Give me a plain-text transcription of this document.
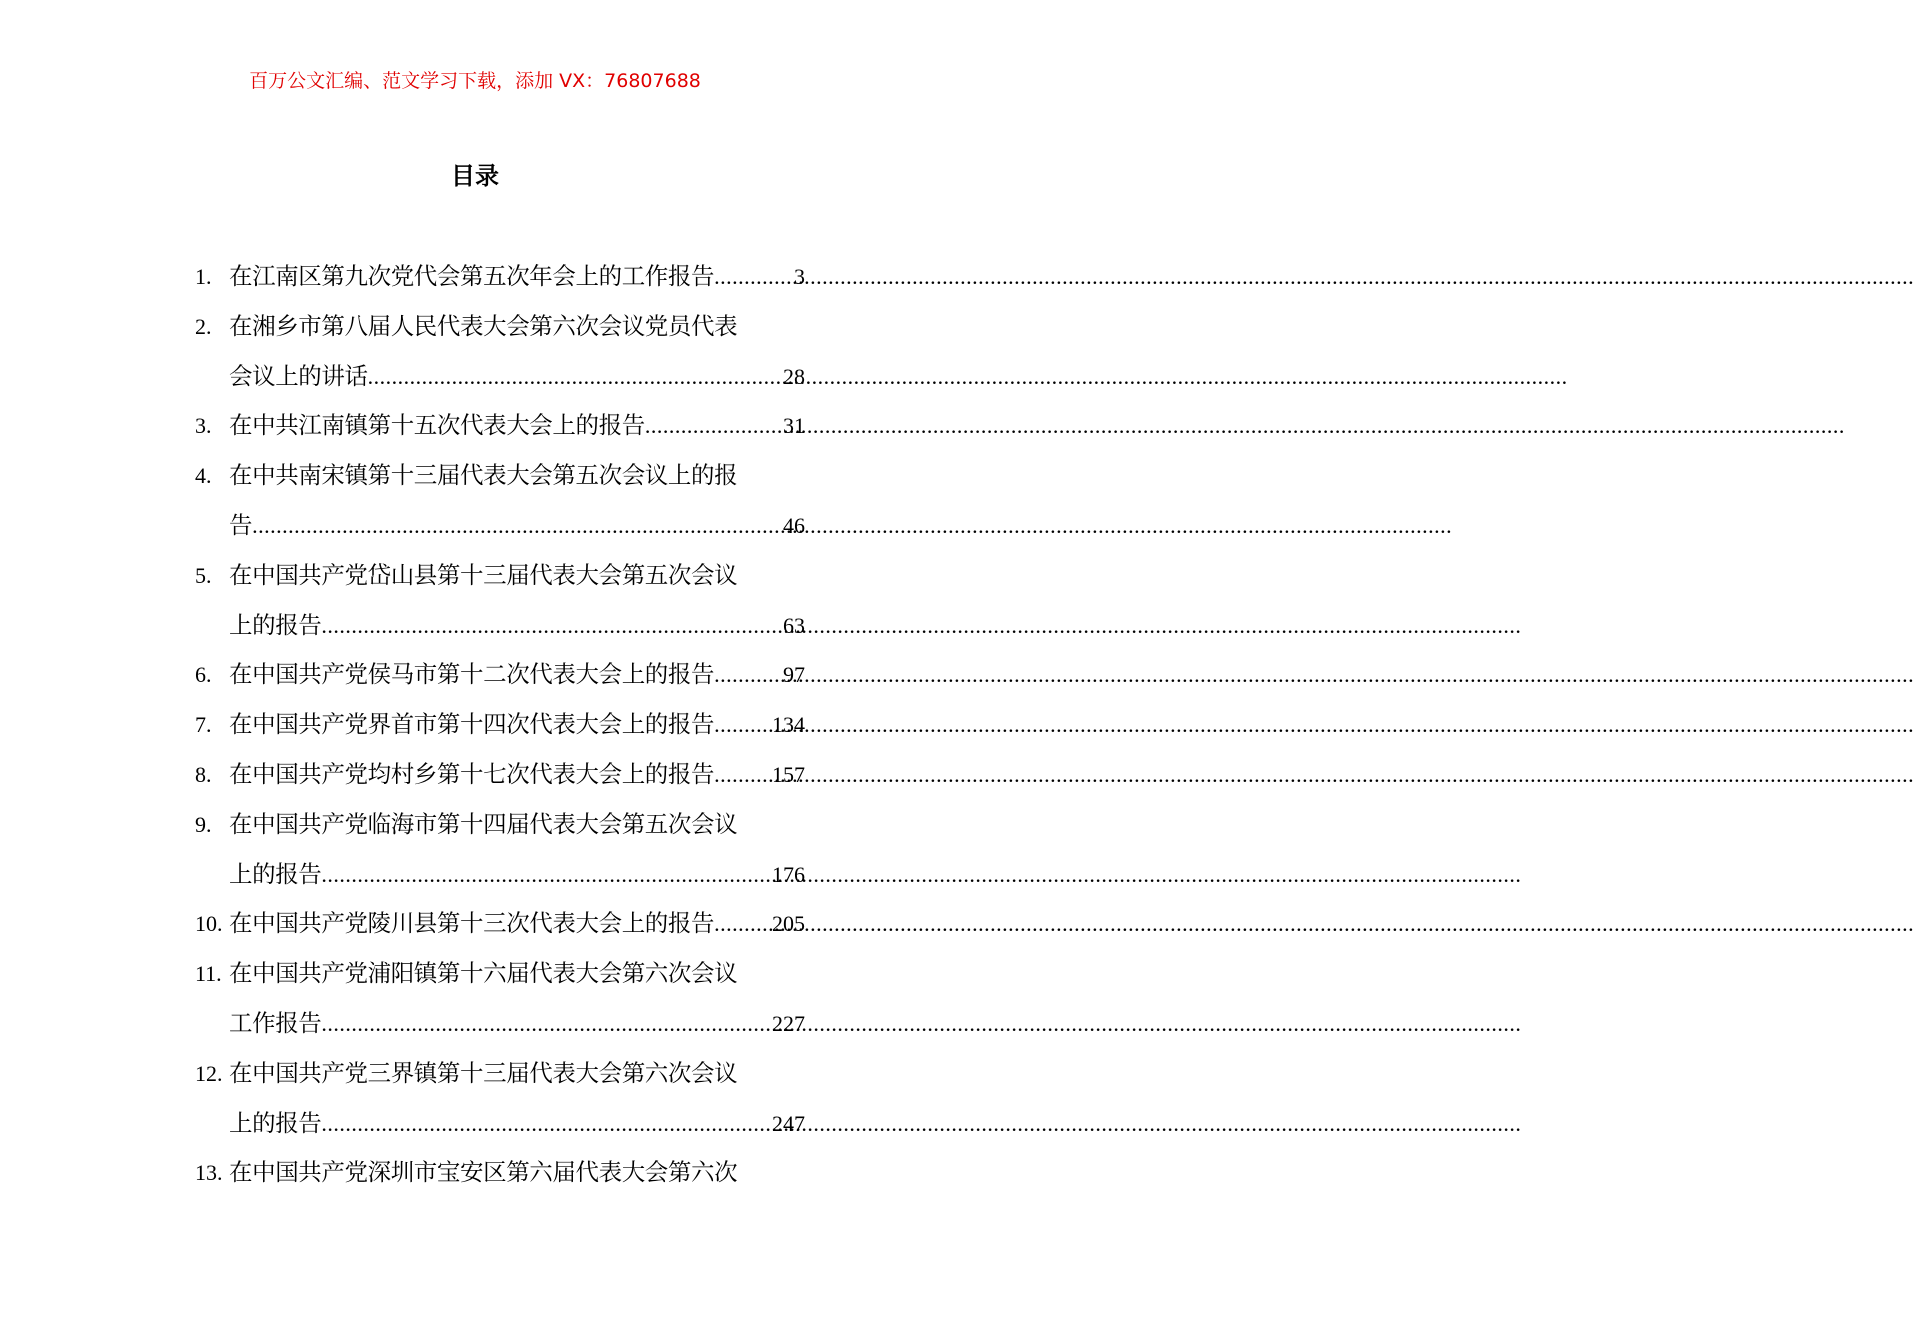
百万公文汇编、范文学习下载，添加 VX：76807688
目录
1. 在江南区第九次党代会第五次年会上的工作报告 .....	3
2. 在湘乡市第八届人民代表大会第六次会议党员代表
会议上的讲话 .....	28
3. 在中共江南镇第十五次代表大会上的报告 .....	31
4. 在中共南宋镇第十三届代表大会第五次会议上的报
告 .....	46
5. 在中国共产党岱山县第十三届代表大会第五次会议
上的报告 .....	63
6. 在中国共产党侯马市第十二次代表大会上的报告 .....	97
7. 在中国共产党界首市第十四次代表大会上的报告 .....	134
8. 在中国共产党均村乡第十七次代表大会上的报告 .....	157
9. 在中国共产党临海市第十四届代表大会第五次会议
上的报告 .....	176
10. 在中国共产党陵川县第十三次代表大会上的报告 .....	205
11. 在中国共产党浦阳镇第十六届代表大会第六次会议
工作报告 .....	227
12. 在中国共产党三界镇第十三届代表大会第六次会议
上的报告 .....	247
13. 在中国共产党深圳市宝安区第六届代表大会第六次
